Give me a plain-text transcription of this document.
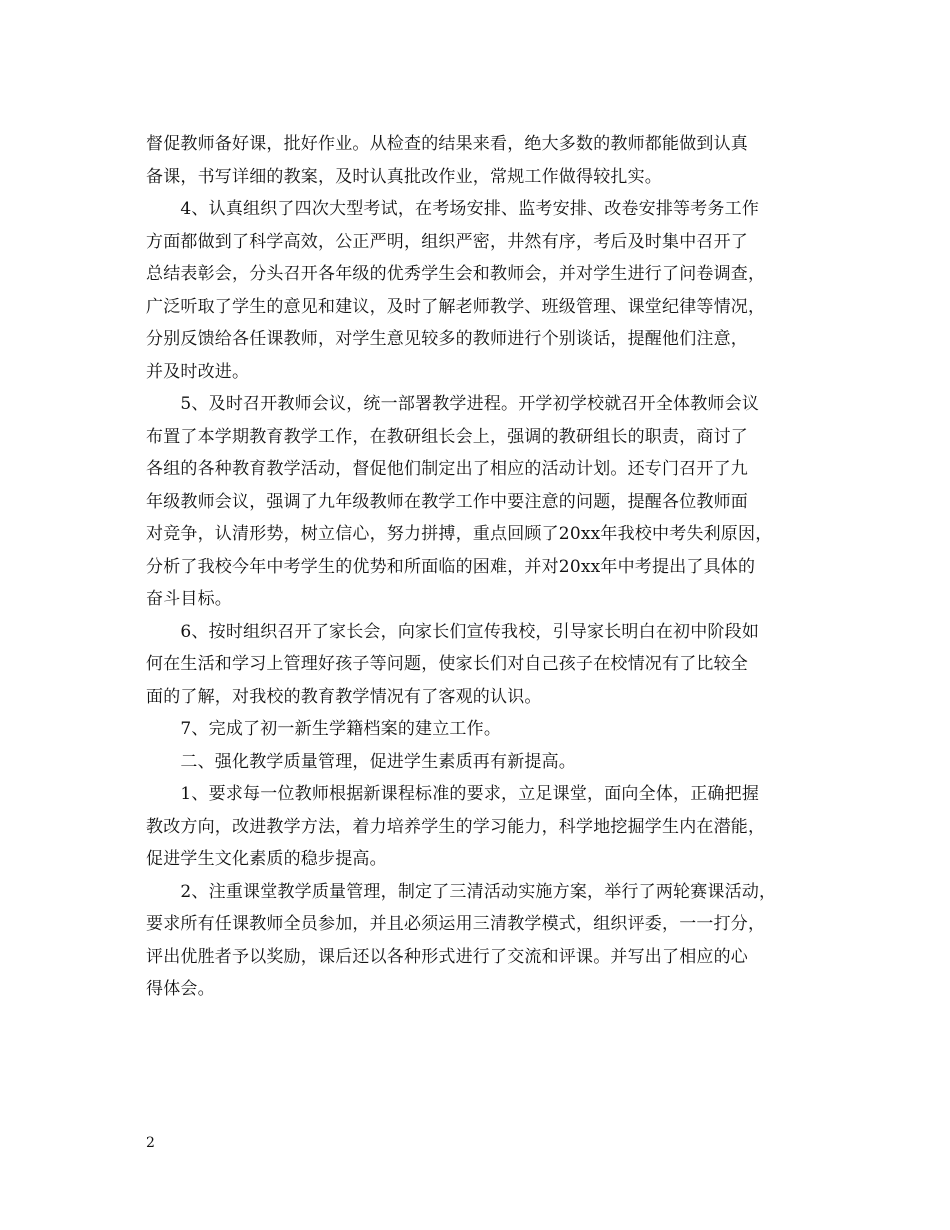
督促教师备好课，批好作业。从检查的结果来看，绝大多数的教师都能做到认真
备课，书写详细的教案，及时认真批改作业，常规工作做得较扎实。
　　4、认真组织了四次大型考试，在考场安排、监考安排、改卷安排等考务工作
方面都做到了科学高效，公正严明，组织严密，井然有序，考后及时集中召开了
总结表彰会，分头召开各年级的优秀学生会和教师会，并对学生进行了问卷调查，
广泛听取了学生的意见和建议，及时了解老师教学、班级管理、课堂纪律等情况，
分别反馈给各任课教师，对学生意见较多的教师进行个别谈话，提醒他们注意，
并及时改进。
　　5、及时召开教师会议，统一部署教学进程。开学初学校就召开全体教师会议
布置了本学期教育教学工作，在教研组长会上，强调的教研组长的职责，商讨了
各组的各种教育教学活动，督促他们制定出了相应的活动计划。还专门召开了九
年级教师会议，强调了九年级教师在教学工作中要注意的问题，提醒各位教师面
对竞争，认清形势，树立信心，努力拼搏，重点回顾了20xx年我校中考失利原因，
分析了我校今年中考学生的优势和所面临的困难，并对20xx年中考提出了具体的
奋斗目标。
　　6、按时组织召开了家长会，向家长们宣传我校，引导家长明白在初中阶段如
何在生活和学习上管理好孩子等问题，使家长们对自己孩子在校情况有了比较全
面的了解，对我校的教育教学情况有了客观的认识。
　　7、完成了初一新生学籍档案的建立工作。
　　二、强化教学质量管理，促进学生素质再有新提高。
　　1、要求每一位教师根据新课程标准的要求，立足课堂，面向全体，正确把握
教改方向，改进教学方法，着力培养学生的学习能力，科学地挖掘学生内在潜能，
促进学生文化素质的稳步提高。
　　2、注重课堂教学质量管理，制定了三清活动实施方案，举行了两轮赛课活动，
要求所有任课教师全员参加，并且必须运用三清教学模式，组织评委，一一打分，
评出优胜者予以奖励，课后还以各种形式进行了交流和评课。并写出了相应的心
得体会。
2
